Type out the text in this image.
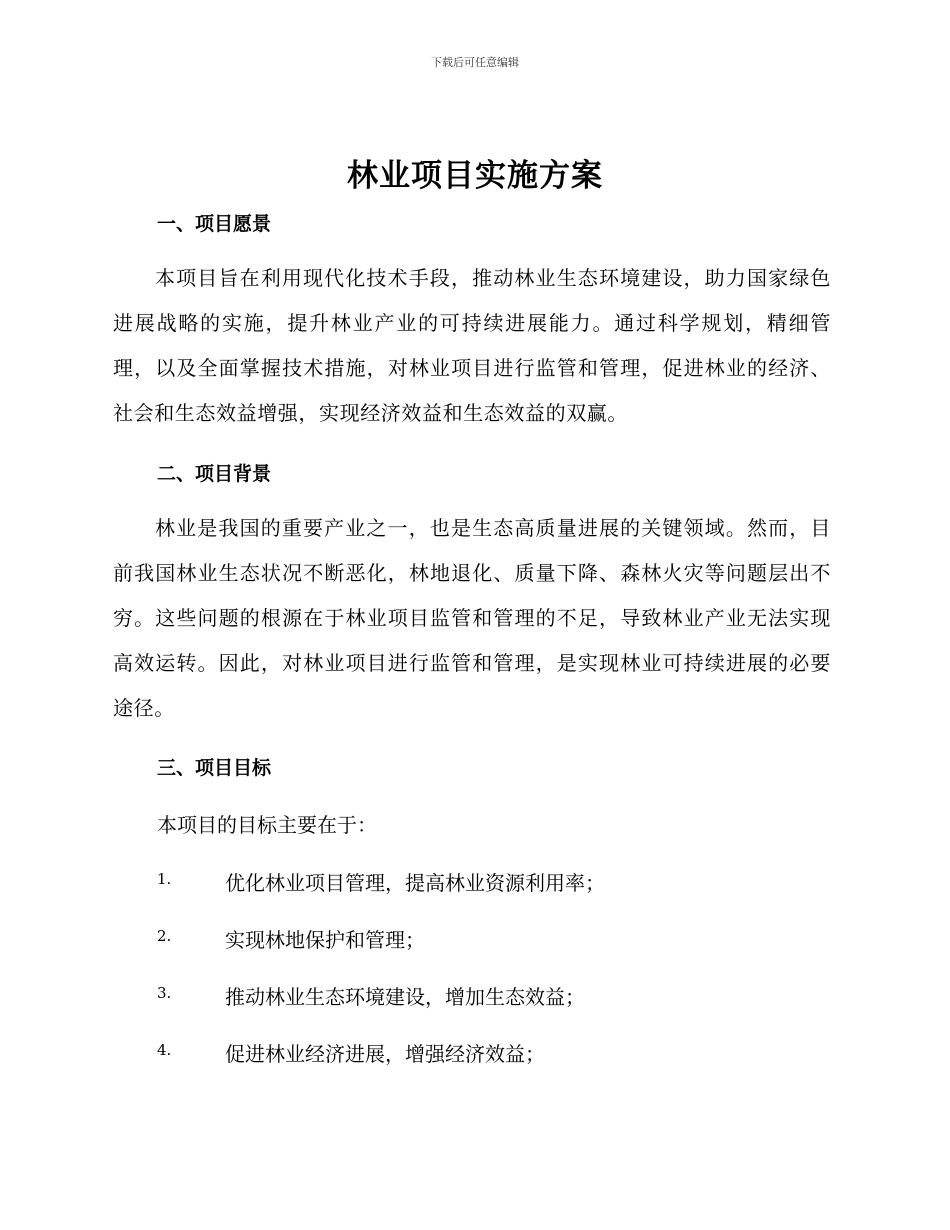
下载后可任意编辑
林业项目实施方案
一、项目愿景
本项目旨在利用现代化技术手段，推动林业生态环境建设，助力国家绿色进展战略的实施，提升林业产业的可持续进展能力。通过科学规划，精细管理，以及全面掌握技术措施，对林业项目进行监管和管理，促进林业的经济、社会和生态效益增强，实现经济效益和生态效益的双赢。
二、项目背景
林业是我国的重要产业之一，也是生态高质量进展的关键领域。然而，目前我国林业生态状况不断恶化，林地退化、质量下降、森林火灾等问题层出不穷。这些问题的根源在于林业项目监管和管理的不足，导致林业产业无法实现高效运转。因此，对林业项目进行监管和管理，是实现林业可持续进展的必要途径。
三、项目目标
本项目的目标主要在于：
1.	优化林业项目管理，提高林业资源利用率；
2.	实现林地保护和管理；
3.	推动林业生态环境建设，增加生态效益；
4.	促进林业经济进展，增强经济效益；
